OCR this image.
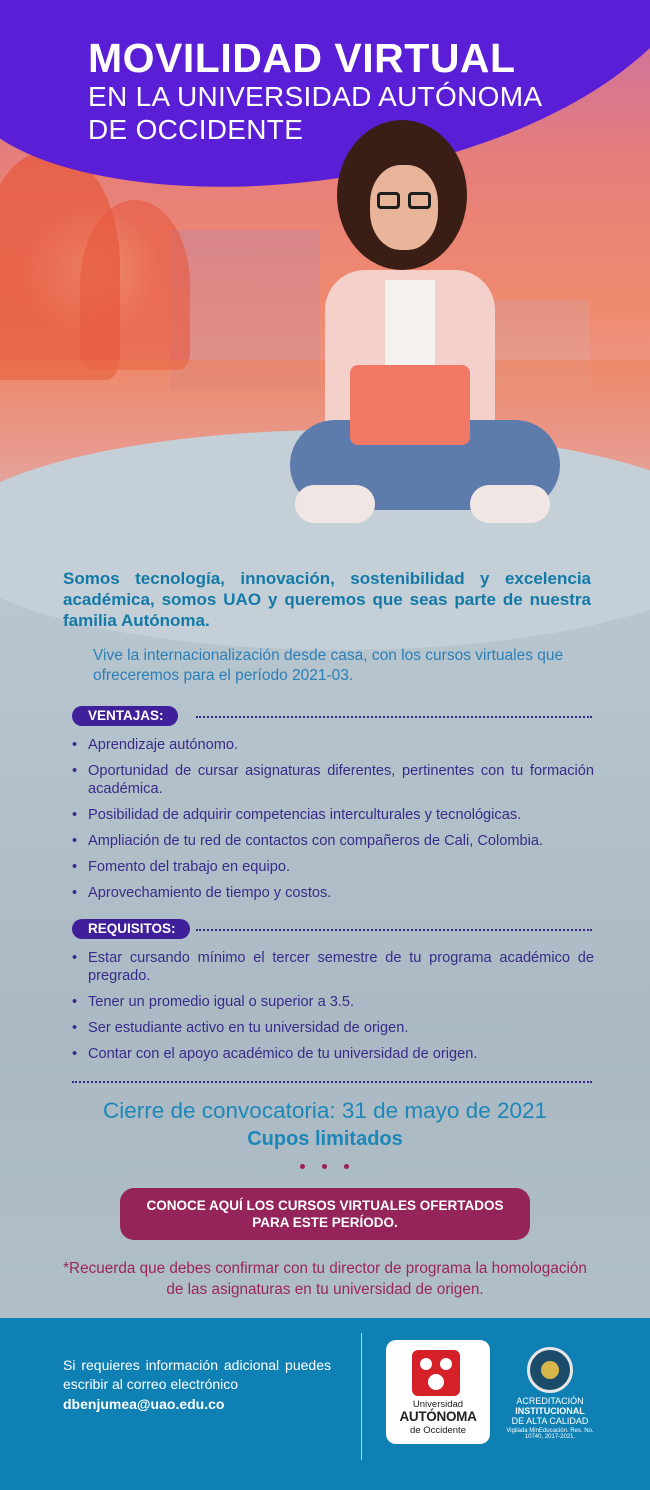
MOVILIDAD VIRTUAL
EN LA UNIVERSIDAD AUTÓNOMA
DE OCCIDENTE

Somos tecnología, innovación, sostenibilidad y excelencia académica, somos UAO y queremos que seas parte de nuestra familia Autónoma.

Vive la internacionalización desde casa, con los cursos virtuales que ofreceremos para el período 2021-03.

VENTAJAS:
• Aprendizaje autónomo.
• Oportunidad de cursar asignaturas diferentes, pertinentes con tu formación académica.
• Posibilidad de adquirir competencias interculturales y tecnológicas.
• Ampliación de tu red de contactos con compañeros de Cali, Colombia.
• Fomento del trabajo en equipo.
• Aprovechamiento de tiempo y costos.
REQUISITOS:
• Estar cursando mínimo el tercer semestre de tu programa académico de pregrado.
• Tener un promedio igual o superior a 3.5.
• Ser estudiante activo en tu universidad de origen.
• Contar con el apoyo académico de tu universidad de origen.
Cierre de convocatoria: 31 de mayo de 2021
Cupos limitados
CONOCE AQUÍ LOS CURSOS VIRTUALES OFERTADOS
PARA ESTE PERÍODO.

*Recuerda que debes confirmar con tu director de programa la homologación de las asignaturas en tu universidad de origen.

Si requieres información adicional puedes escribir al correo electrónico

dbenjumea@uao.edu.co	Universidad
AUTÓNOMA
de Occidente
ACREDITACIÓN
INSTITUCIONAL
DE ALTA CALIDAD
Vigilada MinEducación. Res. No. 10740, 2017-2021.
